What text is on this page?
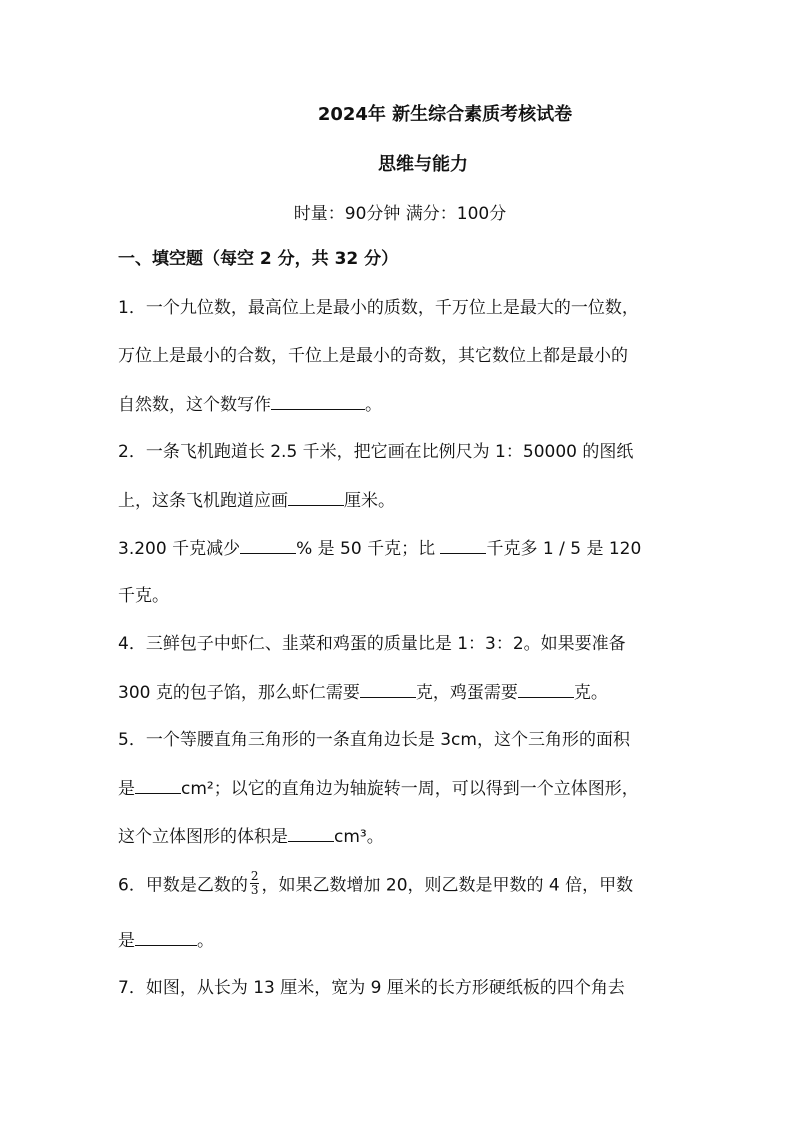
2024年 新生综合素质考核试卷
思维与能力
时量：90分钟 满分：100分
一、填空题（每空 2 分，共 32 分）
1．一个九位数，最高位上是最小的质数，千万位上是最大的一位数，
万位上是最小的合数，千位上是最小的奇数，其它数位上都是最小的
自然数，这个数写作	。
2．一条飞机跑道长 2.5 千米，把它画在比例尺为 1：50000 的图纸
上，这条飞机跑道应画	厘米。
3.200 千克减少	% 是 50 千克；比	千克多 1 / 5 是 120
千克。
4．三鲜包子中虾仁、韭菜和鸡蛋的质量比是 1：3：2。如果要准备
300 克的包子馅，那么虾仁需要	克，鸡蛋需要	克。
5．一个等腰直角三角形的一条直角边长是 3cm，这个三角形的面积
是	cm²；以它的直角边为轴旋转一周，可以得到一个立体图形，
这个立体图形的体积是	cm³。
6．甲数是乙数的 $\frac{2}{3}$ ，如果乙数增加 20，则乙数是甲数的 4 倍，甲数
是	。
7．如图，从长为 13 厘米，宽为 9 厘米的长方形硬纸板的四个角去
